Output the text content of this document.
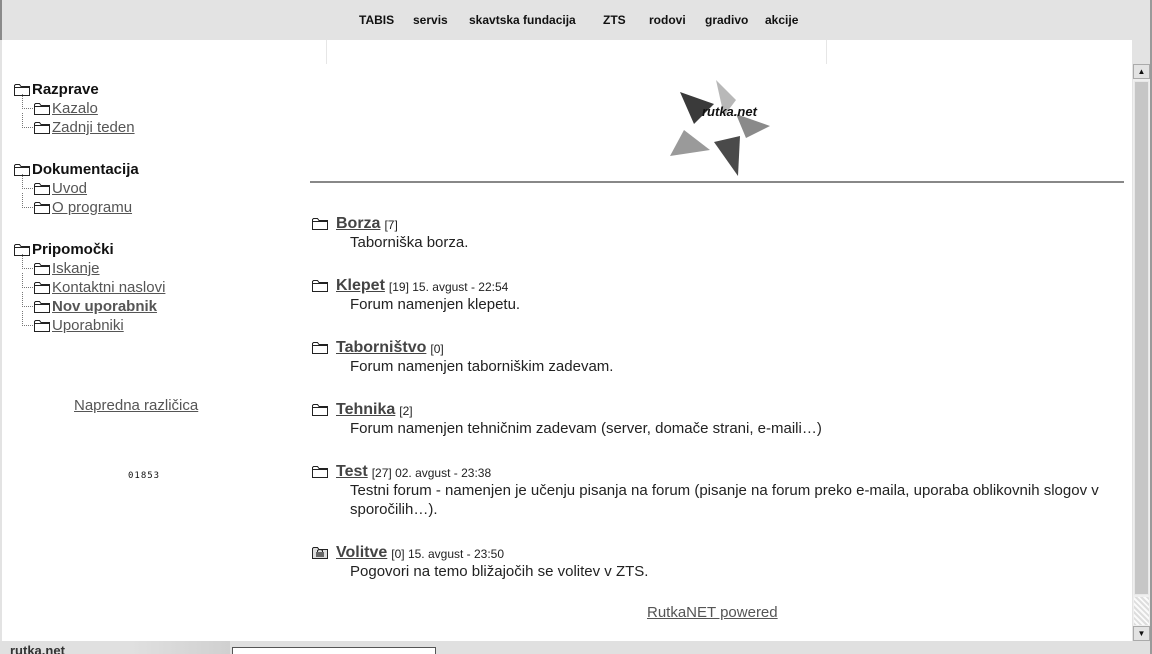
TABIS servis skavtska fundacija ZTS rodovi gradivo akcije
Razprave
Kazalo
Zadnji teden
Dokumentacija
Uvod
O programu
Pripomočki
Iskanje
Kontaktni naslovi
Nov uporabnik
Uporabniki
Napredna različica
01853
rutka.net
Borza [7]
Taborniška borza.
Klepet [19] 15. avgust - 22:54
Forum namenjen klepetu.
Taborništvo [0]
Forum namenjen taborniškim zadevam.
Tehnika [2]
Forum namenjen tehničnim zadevam (server, domače strani, e-maili…)
Test [27] 02. avgust - 23:38
Testni forum - namenjen je učenju pisanja na forum (pisanje na forum preko e-maila, uporaba oblikovnih slogov v sporočilih…).
Volitve [0] 15. avgust - 23:50
Pogovori na temo bližajočih se volitev v ZTS.
RutkaNET powered
▲
▼
rutka.net
